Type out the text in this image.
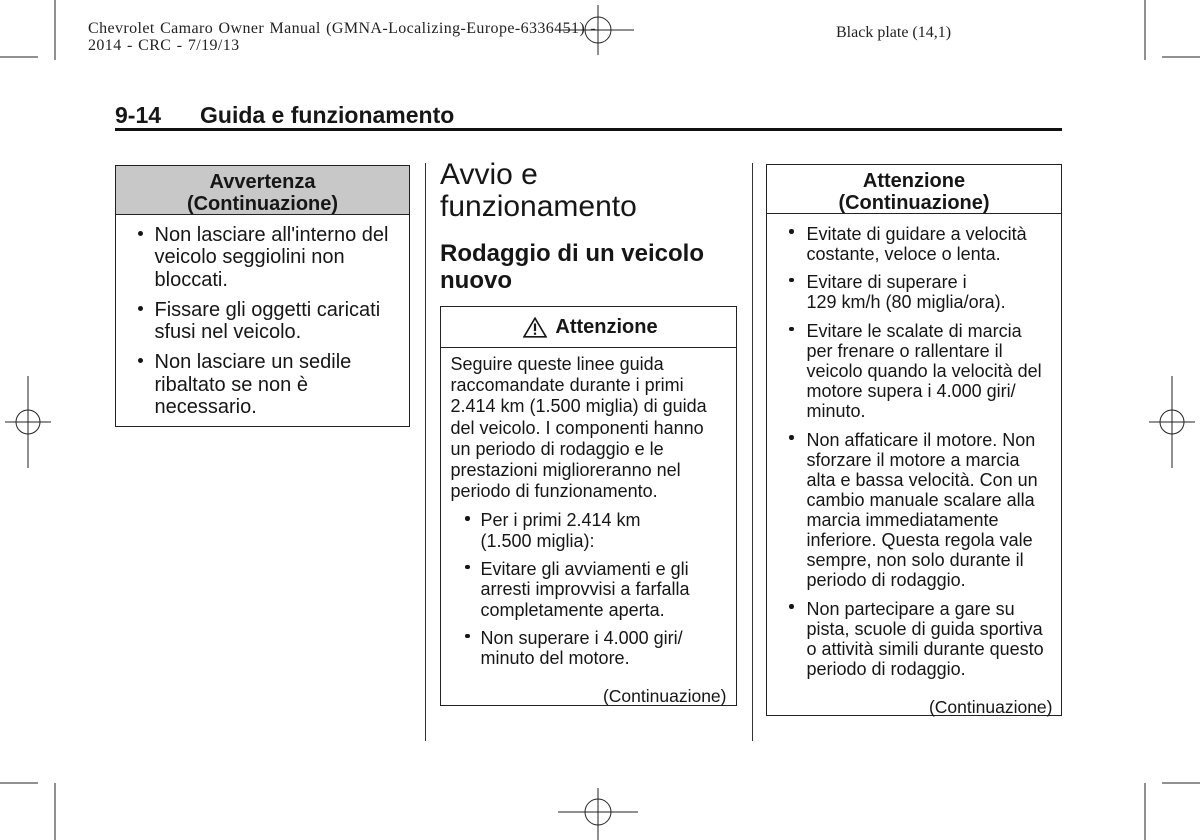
Chevrolet Camaro Owner Manual (GMNA-Localizing-Europe-6336451) -
2014 - CRC - 7/19/13
Black plate (14,1)
9-14 Guida e funzionamento
Avvertenza
(Continuazione)
Non lasciare all'interno del
veicolo seggiolini non
bloccati.
Fissare gli oggetti caricati
sfusi nel veicolo.
Non lasciare un sedile
ribaltato se non è
necessario.
Avvio e
funzionamento
Rodaggio di un veicolo
nuovo
Attenzione
Seguire queste linee guida
raccomandate durante i primi
2.414 km (1.500 miglia) di guida
del veicolo. I componenti hanno
un periodo di rodaggio e le
prestazioni miglioreranno nel
periodo di funzionamento.
Per i primi 2.414 km
(1.500 miglia):
Evitare gli avviamenti e gli
arresti improvvisi a farfalla
completamente aperta.
Non superare i 4.000 giri/
minuto del motore.
(Continuazione)
Attenzione
(Continuazione)
Evitate di guidare a velocità
costante, veloce o lenta.
Evitare di superare i
129 km/h (80 miglia/ora).
Evitare le scalate di marcia
per frenare o rallentare il
veicolo quando la velocità del
motore supera i 4.000 giri/
minuto.
Non affaticare il motore. Non
sforzare il motore a marcia
alta e bassa velocità. Con un
cambio manuale scalare alla
marcia immediatamente
inferiore. Questa regola vale
sempre, non solo durante il
periodo di rodaggio.
Non partecipare a gare su
pista, scuole di guida sportiva
o attività simili durante questo
periodo di rodaggio.
(Continuazione)
